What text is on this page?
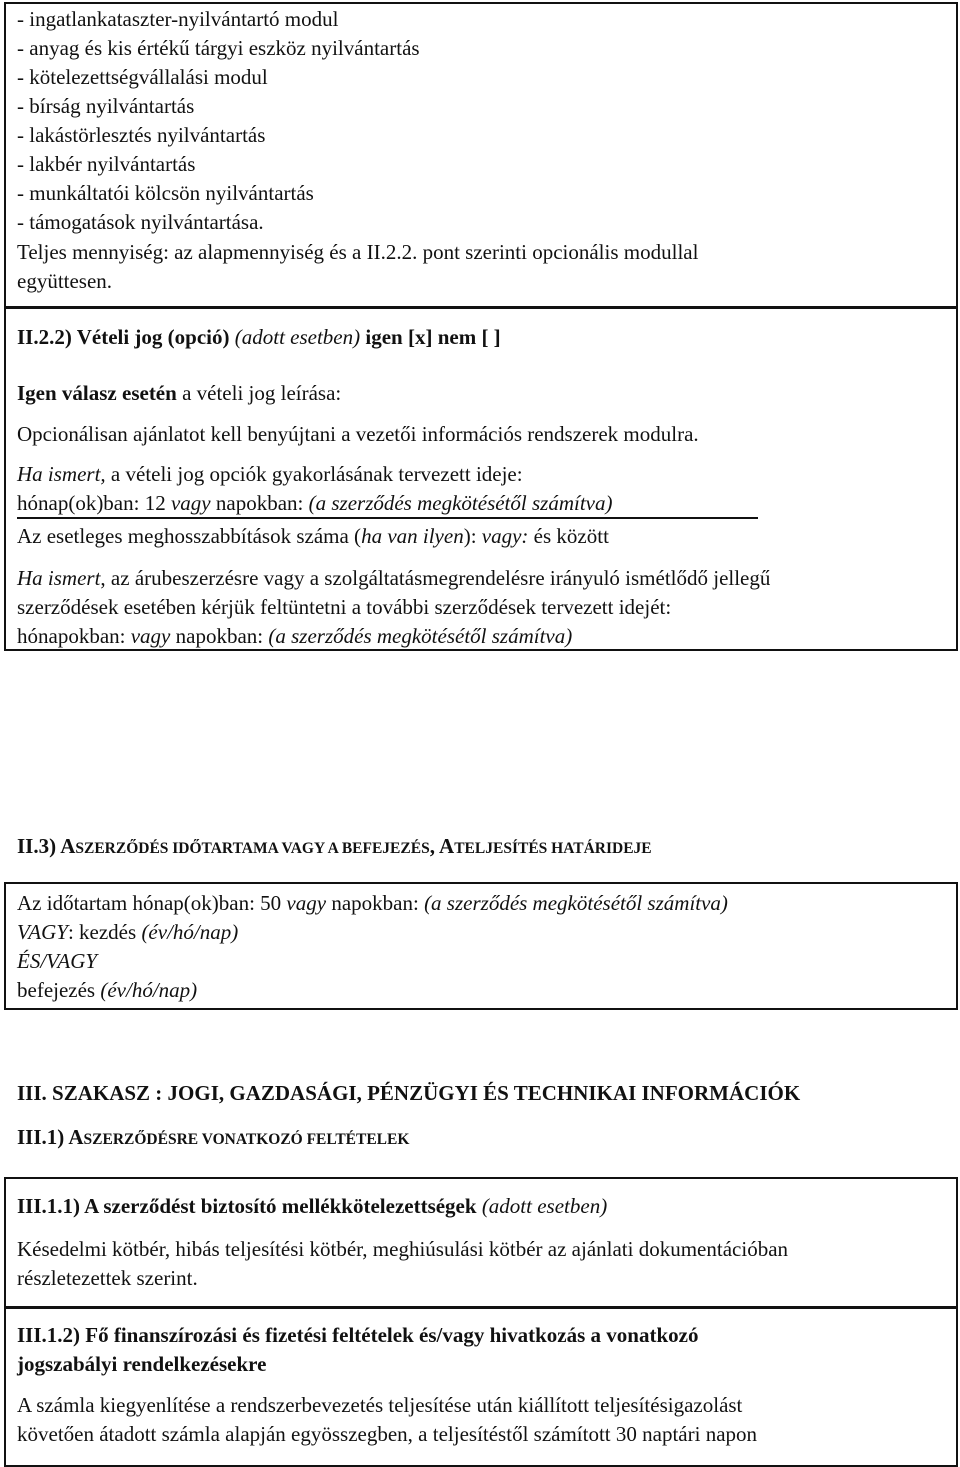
- ingatlankataszter-nyilvántartó modul
- anyag és kis értékű tárgyi eszköz nyilvántartás
- kötelezettségvállalási modul
- bírság nyilvántartás
- lakástörlesztés nyilvántartás
- lakbér nyilvántartás
- munkáltatói kölcsön nyilvántartás
- támogatások nyilvántartása.
Teljes mennyiség: az alapmennyiség és a II.2.2. pont szerinti opcionális modullal
együttesen.
II.2.2) Vételi jog (opció) (adott esetben) igen [x] nem [ ]
Igen válasz esetén a vételi jog leírása:
Opcionálisan ajánlatot kell benyújtani a vezetői információs rendszerek modulra.
Ha ismert, a vételi jog opciók gyakorlásának tervezett ideje:
hónap(ok)ban: 12 vagy napokban: (a szerződés megkötésétől számítva)
Az esetleges meghosszabbítások száma (ha van ilyen): vagy: és között
Ha ismert, az árubeszerzésre vagy a szolgáltatásmegrendelésre irányuló ismétlődő jellegű
szerződések esetében kérjük feltüntetni a további szerződések tervezett idejét:
hónapokban: vagy napokban: (a szerződés megkötésétől számítva)
II.3) ASZERZŐDÉS IDŐTARTAMA VAGY A BEFEJEZÉS, ATELJESÍTÉS HATÁRIDEJE
Az időtartam hónap(ok)ban: 50 vagy napokban: (a szerződés megkötésétől számítva)
VAGY: kezdés (év/hó/nap)
ÉS/VAGY
befejezés (év/hó/nap)
III. SZAKASZ : JOGI, GAZDASÁGI, PÉNZÜGYI ÉS TECHNIKAI INFORMÁCIÓK
III.1) ASZERZŐDÉSRE VONATKOZÓ FELTÉTELEK
III.1.1) A szerződést biztosító mellékkötelezettségek (adott esetben)
Késedelmi kötbér, hibás teljesítési kötbér, meghiúsulási kötbér az ajánlati dokumentációban
részletezettek szerint.
III.1.2) Fő finanszírozási és fizetési feltételek és/vagy hivatkozás a vonatkozó
jogszabályi rendelkezésekre
A számla kiegyenlítése a rendszerbevezetés teljesítése után kiállított teljesítésigazolást
követően átadott számla alapján egyösszegben, a teljesítéstől számított 30 naptári napon
